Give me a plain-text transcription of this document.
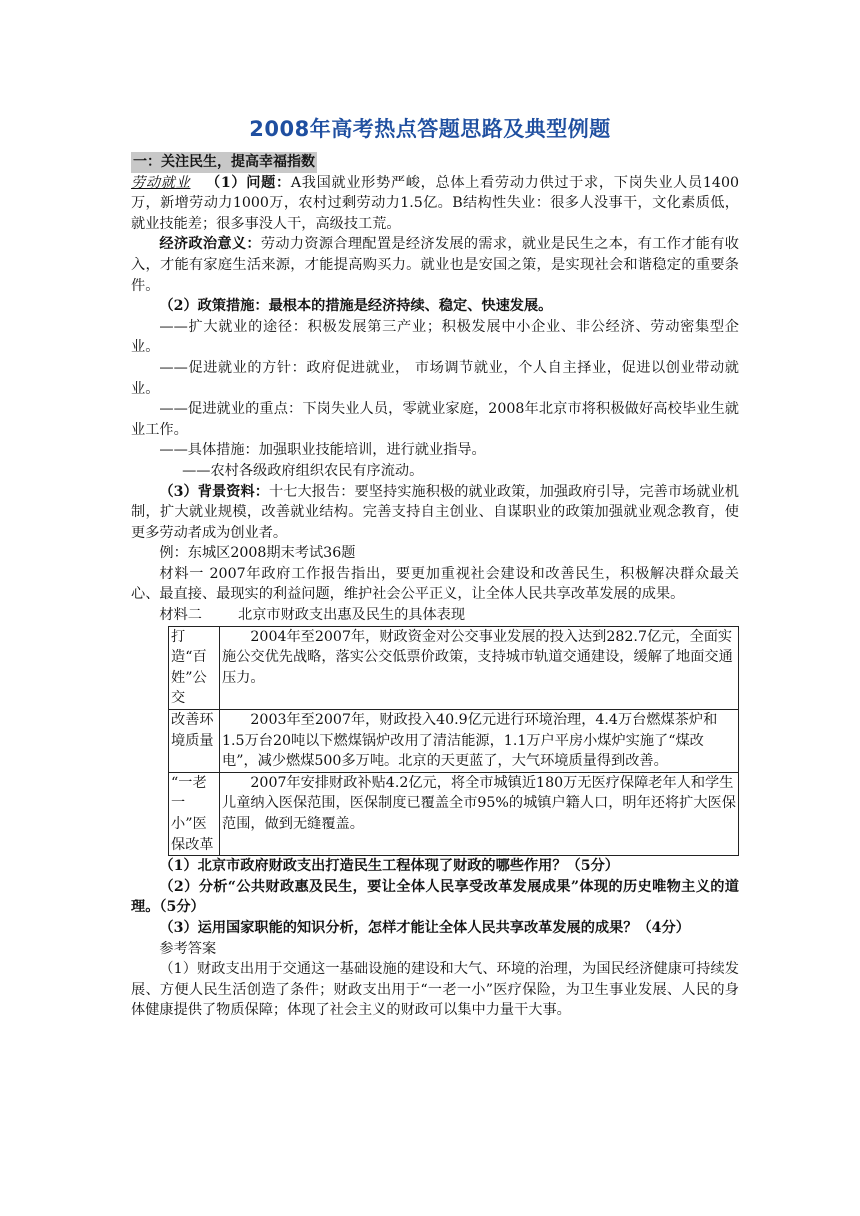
2008年高考热点答题思路及典型例题

一：关注民生，提高幸福指数

劳动就业 （1）问题：A我国就业形势严峻，总体上看劳动力供过于求，下岗失业人员1400万，新增劳动力1000万，农村过剩劳动力1.5亿。B结构性失业：很多人没事干，文化素质低，就业技能差；很多事没人干，高级技工荒。

经济政治意义：劳动力资源合理配置是经济发展的需求，就业是民生之本，有工作才能有收入，才能有家庭生活来源，才能提高购买力。就业也是安国之策，是实现社会和谐稳定的重要条件。

（2）政策措施：最根本的措施是经济持续、稳定、快速发展。

——扩大就业的途径：积极发展第三产业；积极发展中小企业、非公经济、劳动密集型企业。

——促进就业的方针：政府促进就业， 市场调节就业，个人自主择业，促进以创业带动就业。

——促进就业的重点：下岗失业人员，零就业家庭，2008年北京市将积极做好高校毕业生就业工作。

——具体措施：加强职业技能培训，进行就业指导。

——农村各级政府组织农民有序流动。

（3）背景资料：十七大报告：要坚持实施积极的就业政策，加强政府引导，完善市场就业机制，扩大就业规模，改善就业结构。完善支持自主创业、自谋职业的政策加强就业观念教育，使更多劳动者成为创业者。

例：东城区2008期末考试36题

材料一 2007年政府工作报告指出，要更加重视社会建设和改善民生，积极解决群众最关心、最直接、最现实的利益问题，维护社会公平正义，让全体人民共享改革发展的成果。

材料二        北京市财政支出惠及民生的具体表现

打造“百姓”公交	2004年至2007年，财政资金对公交事业发展的投入达到282.7亿元，全面实施公交优先战略，落实公交低票价政策，支持城市轨道交通建设，缓解了地面交通压力。
改善环境质量	2003年至2007年，财政投入40.9亿元进行环境治理，4.4万台燃煤茶炉和1.5万台20吨以下燃煤锅炉改用了清洁能源，1.1万户平房小煤炉实施了“煤改电”，减少燃煤500多万吨。北京的天更蓝了，大气环境质量得到改善。
“一老一小”医保改革	2007年安排财政补贴4.2亿元，将全市城镇近180万无医疗保障老年人和学生儿童纳入医保范围，医保制度已覆盖全市95%的城镇户籍人口，明年还将扩大医保范围，做到无缝覆盖。

（1）北京市政府财政支出打造民生工程体现了财政的哪些作用？（5分）

（2）分析“公共财政惠及民生，要让全体人民享受改革发展成果”体现的历史唯物主义的道理。（5分）

（3）运用国家职能的知识分析，怎样才能让全体人民共享改革发展的成果？（4分）

参考答案

（1）财政支出用于交通这一基础设施的建设和大气、环境的治理，为国民经济健康可持续发展、方便人民生活创造了条件；财政支出用于“一老一小”医疗保险，为卫生事业发展、人民的身体健康提供了物质保障；体现了社会主义的财政可以集中力量干大事。
